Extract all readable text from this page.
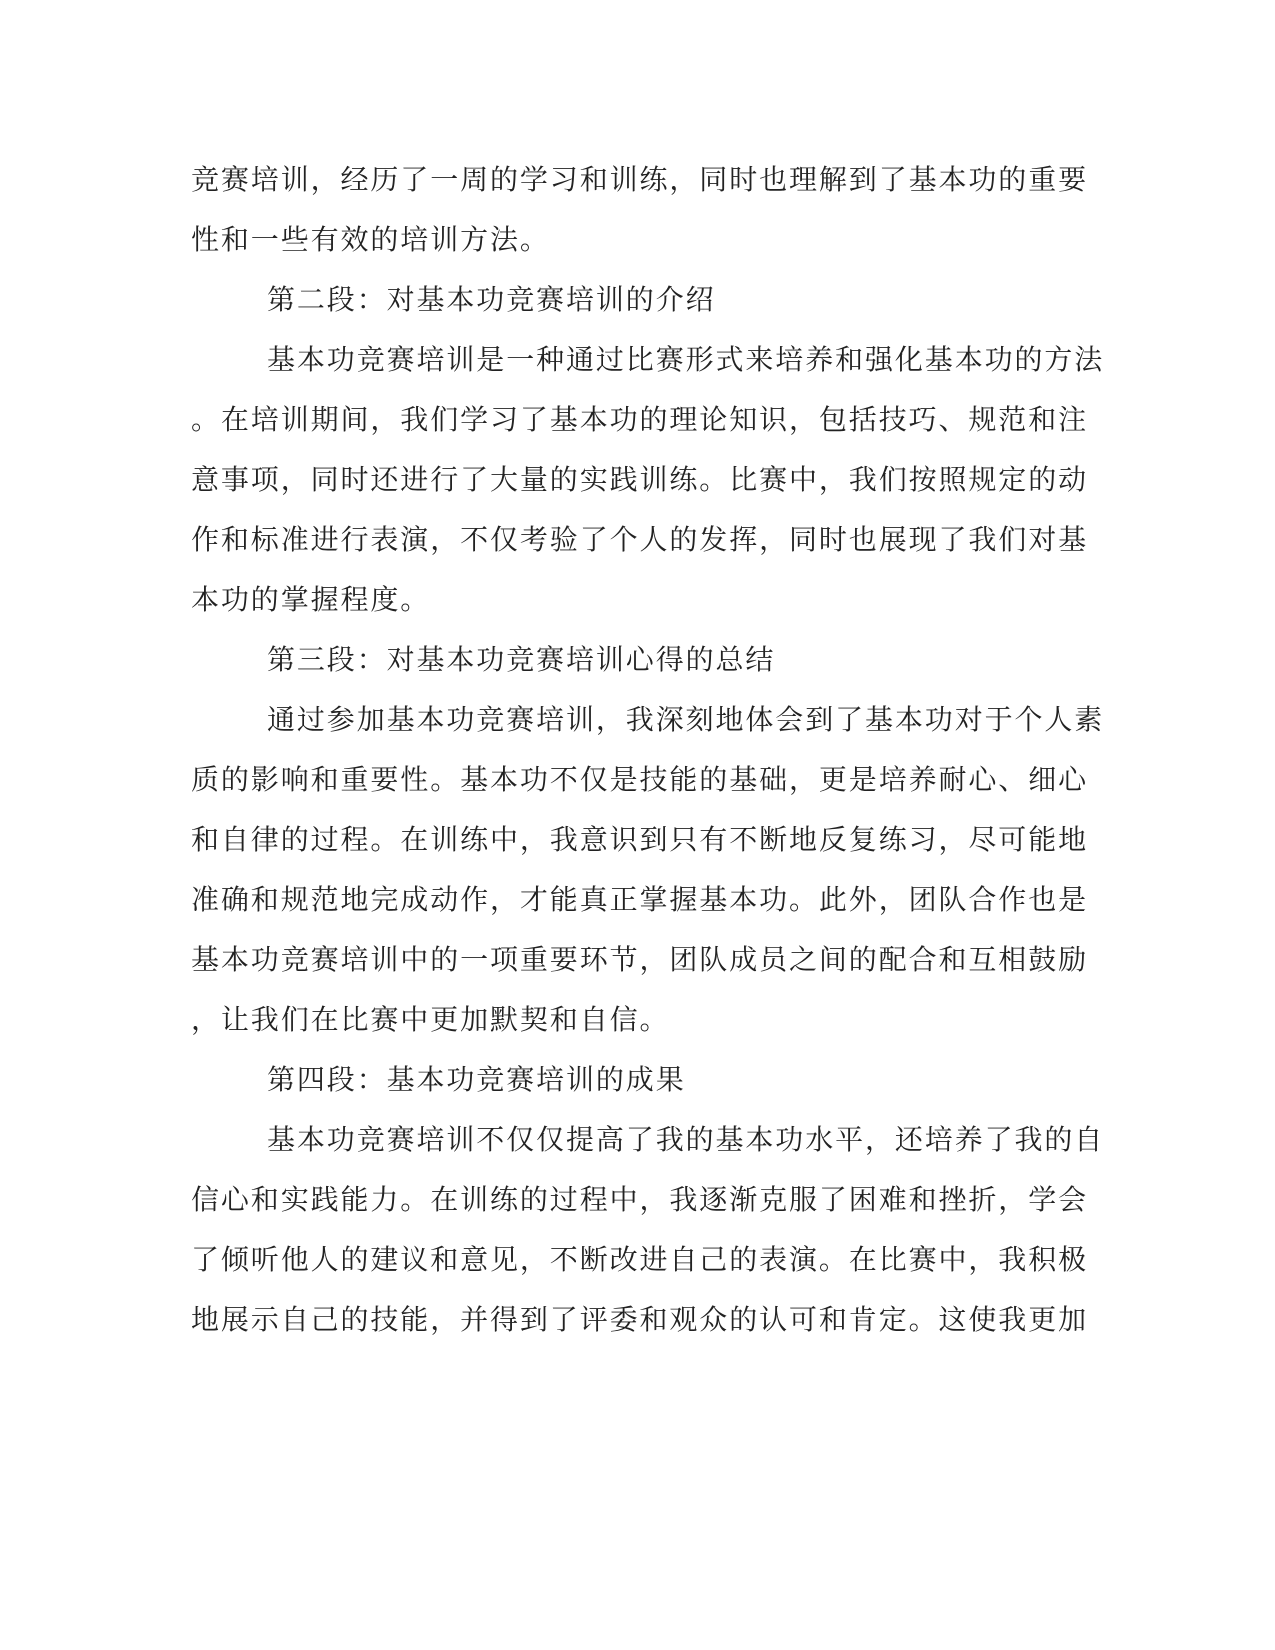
竞赛培训，经历了一周的学习和训练，同时也理解到了基本功的重要
性和一些有效的培训方法。
第二段：对基本功竞赛培训的介绍
基本功竞赛培训是一种通过比赛形式来培养和强化基本功的方法
。在培训期间，我们学习了基本功的理论知识，包括技巧、规范和注
意事项，同时还进行了大量的实践训练。比赛中，我们按照规定的动
作和标准进行表演，不仅考验了个人的发挥，同时也展现了我们对基
本功的掌握程度。
第三段：对基本功竞赛培训心得的总结
通过参加基本功竞赛培训，我深刻地体会到了基本功对于个人素
质的影响和重要性。基本功不仅是技能的基础，更是培养耐心、细心
和自律的过程。在训练中，我意识到只有不断地反复练习，尽可能地
准确和规范地完成动作，才能真正掌握基本功。此外，团队合作也是
基本功竞赛培训中的一项重要环节，团队成员之间的配合和互相鼓励
，让我们在比赛中更加默契和自信。
第四段：基本功竞赛培训的成果
基本功竞赛培训不仅仅提高了我的基本功水平，还培养了我的自
信心和实践能力。在训练的过程中，我逐渐克服了困难和挫折，学会
了倾听他人的建议和意见，不断改进自己的表演。在比赛中，我积极
地展示自己的技能，并得到了评委和观众的认可和肯定。这使我更加
